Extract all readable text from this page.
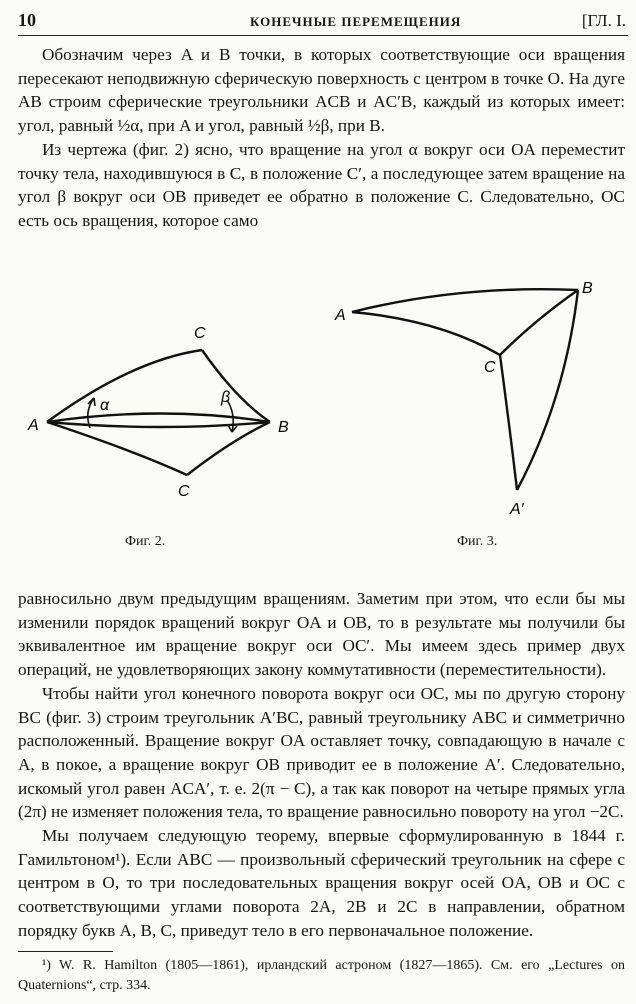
10	КОНЕЧНЫЕ ПЕРЕМЕЩЕНИЯ	[ГЛ. I.

Обозначим через A и B точки, в которых соответствующие оси вращения пересекают неподвижную сферическую поверхность с центром в точке O. На дуге AB строим сферические треугольники ACB и AC′B, каждый из которых имеет: угол, равный ½α, при A и угол, равный ½β, при B.

Из чертежа (фиг. 2) ясно, что вращение на угол α вокруг оси OA переместит точку тела, находившуюся в C, в положение C′, а последующее затем вращение на угол β вокруг оси OB приведет ее обратно в положение C. Следовательно, OC есть ось вращения, которое само

A	B
C
C
α	β
Фиг. 2.
A
B
C
A′
Фиг. 3.

равносильно двум предыдущим вращениям. Заметим при этом, что если бы мы изменили порядок вращений вокруг OA и OB, то в результате мы получили бы эквивалентное им вращение вокруг оси OC′. Мы имеем здесь пример двух операций, не удовлетворяющих закону коммутативности (переместительности).

Чтобы найти угол конечного поворота вокруг оси OC, мы по другую сторону BC (фиг. 3) строим треугольник A′BC, равный треугольнику ABC и симметрично расположенный. Вращение вокруг OA оставляет точку, совпадающую в начале с A, в покое, а вращение вокруг OB приводит ее в положение A′. Следовательно, искомый угол равен ACA′, т. е. 2(π − C), а так как поворот на четыре прямых угла (2π) не изменяет положения тела, то вращение равносильно повороту на угол −2C.

Мы получаем следующую теорему, впервые сформулированную в 1844 г. Гамильтоном¹). Если ABC — произвольный сферический треугольник на сфере с центром в O, то три последовательных вращения вокруг осей OA, OB и OC с соответствующими углами поворота 2A, 2B и 2C в направлении, обратном порядку букв A, B, C, приведут тело в его первоначальное положение.

¹) W. R. Hamilton (1805—1861), ирландский астроном (1827—1865). См. его „Lectures on Quaternions“, стр. 334.
